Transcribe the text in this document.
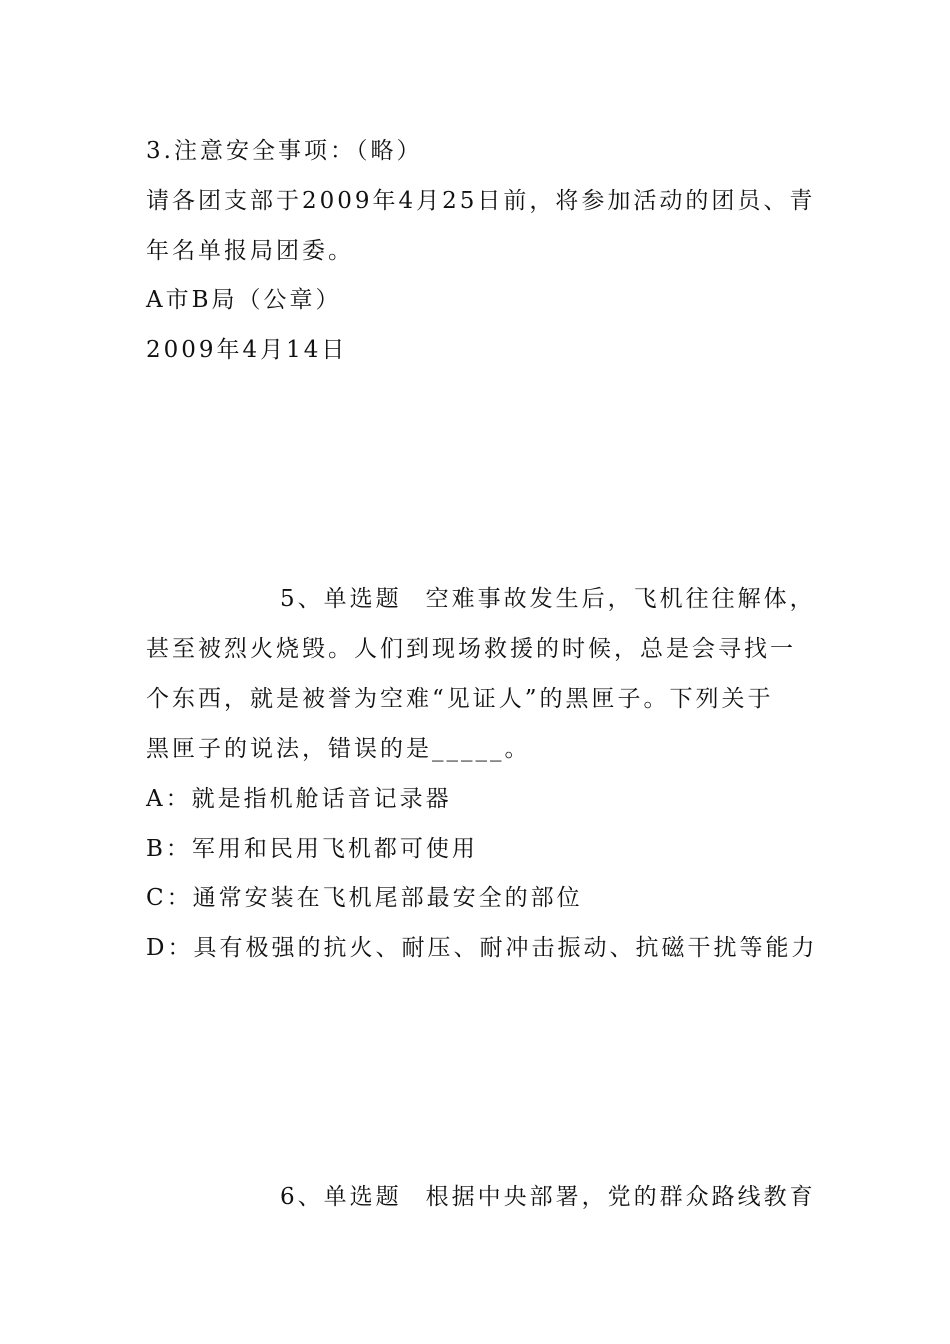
3.注意安全事项：（略）
请各团支部于2009年4月25日前，将参加活动的团员、青
年名单报局团委。
A市B局（公章）
2009年4月14日
5、单选题 空难事故发生后，飞机往往解体，
甚至被烈火烧毁。人们到现场救援的时候，总是会寻找一
个东西，就是被誉为空难“见证人”的黑匣子。下列关于
黑匣子的说法，错误的是_____。
A：就是指机舱话音记录器
B：军用和民用飞机都可使用
C：通常安装在飞机尾部最安全的部位
D：具有极强的抗火、耐压、耐冲击振动、抗磁干扰等能力
6、单选题 根据中央部署，党的群众路线教育
